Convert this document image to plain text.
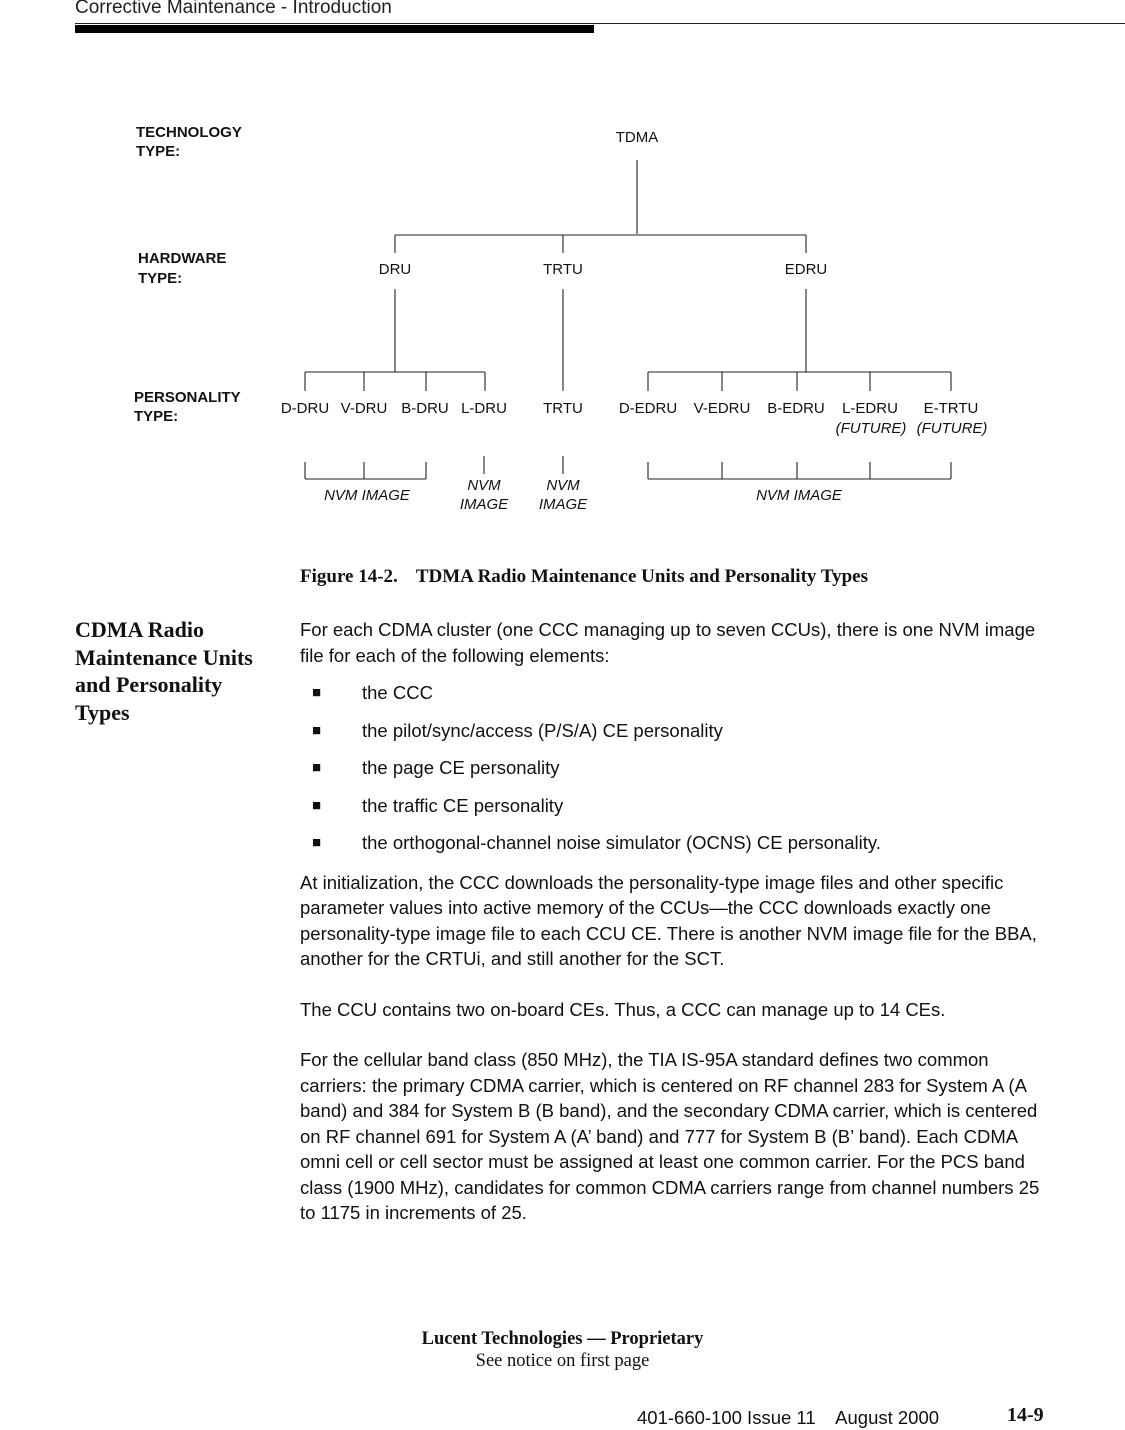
Corrective Maintenance - Introduction
TECHNOLOGY
TYPE:
HARDWARE
TYPE:
PERSONALITY
TYPE:
TDMA
DRU	TRTU	EDRU
D-DRU V-DRU B-DRU L-DRU TRTU D-EDRU V-EDRU B-EDRU L-EDRU E-TRTU
(FUTURE) (FUTURE)
NVM IMAGE
NVM
IMAGE
NVM
IMAGE
NVM IMAGE
Figure 14-2. TDMA Radio Maintenance Units and Personality Types
CDMA Radio Maintenance Units and Personality Types

For each CDMA cluster (one CCC managing up to seven CCUs), there is one NVM image file for each of the following elements:

■ the CCC
■ the pilot/sync/access (P/S/A) CE personality
■ the page CE personality
■ the traffic CE personality
■ the orthogonal-channel noise simulator (OCNS) CE personality.

At initialization, the CCC downloads the personality-type image files and other specific parameter values into active memory of the CCUs—the CCC downloads exactly one personality-type image file to each CCU CE. There is another NVM image file for the BBA, another for the CRTUi, and still another for the SCT.

The CCU contains two on-board CEs. Thus, a CCC can manage up to 14 CEs.

For the cellular band class (850 MHz), the TIA IS-95A standard defines two common carriers: the primary CDMA carrier, which is centered on RF channel 283 for System A (A band) and 384 for System B (B band), and the secondary CDMA carrier, which is centered on RF channel 691 for System A (A’ band) and 777 for System B (B’ band). Each CDMA omni cell or cell sector must be assigned at least one common carrier. For the PCS band class (1900 MHz), candidates for common CDMA carriers range from channel numbers 25 to 1175 in increments of 25.

Lucent Technologies — Proprietary
See notice on first page
401-660-100 Issue 11    August 2000	14-9
